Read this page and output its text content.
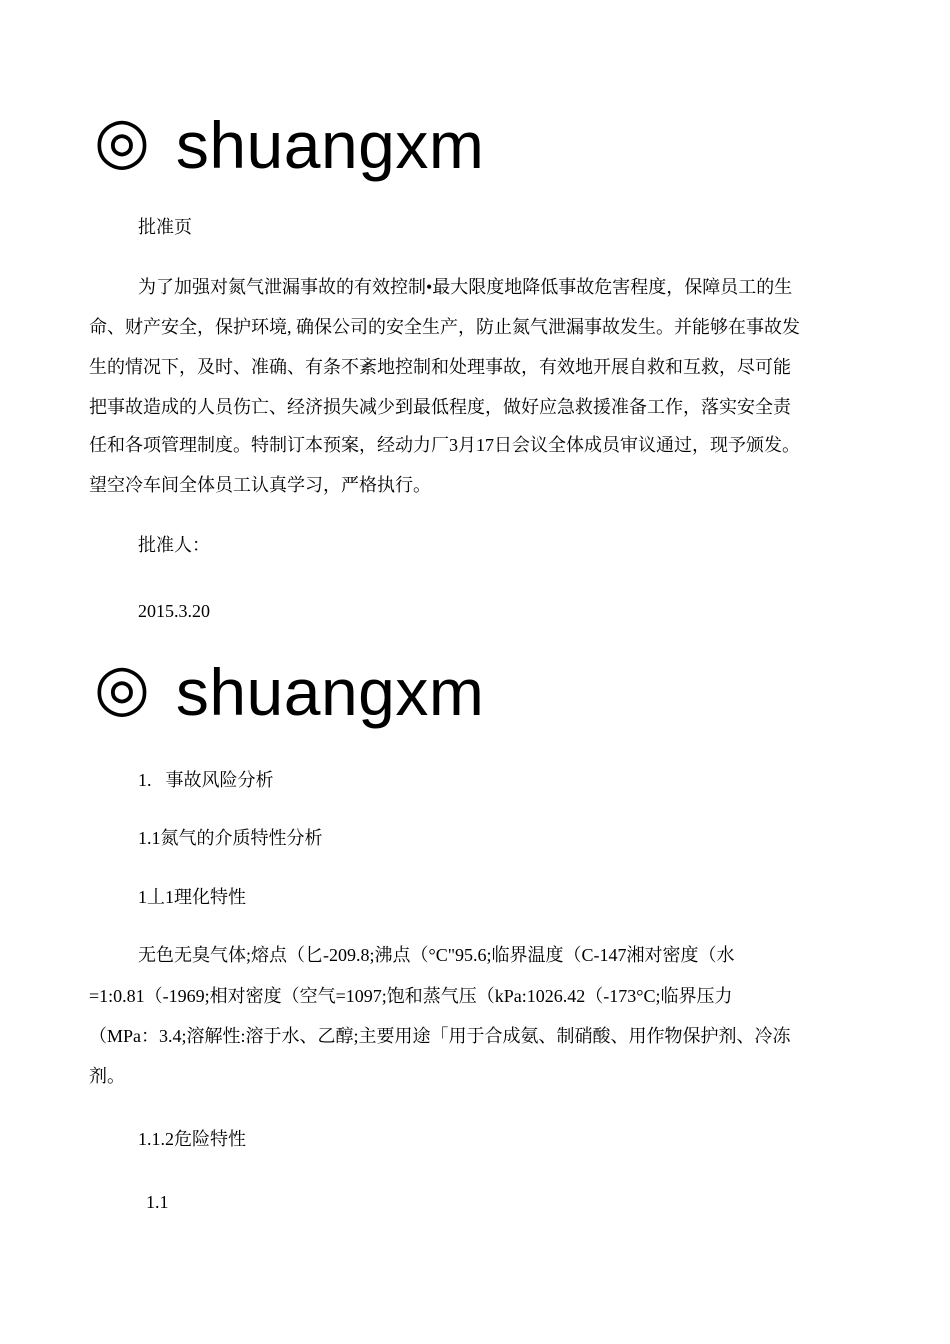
◎ shuangxm
批准页
为了加强对氮气泄漏事故的有效控制•最大限度地降低事故危害程度，保障员工的生
命、财产安全，保护环境, 确保公司的安全生产，防止氮气泄漏事故发生。并能够在事故发
生的情况下，及时、准确、有条不紊地控制和处理事故，有效地开展自救和互救，尽可能
把事故造成的人员伤亡、经济损失减少到最低程度，做好应急救援准备工作，落实安全责
任和各项管理制度。特制订本预案，经动力厂3月17日会议全体成员审议通过，现予颁发。
望空冷车间全体员工认真学习，严格执行。
批准人：
2015.3.20
◎ shuangxm
1. 事故风险分析
1.1氮气的介质特性分析
1丄1理化特性
无色无臭气体;熔点（匕-209.8;沸点（°C"95.6;临界温度（C-147湘对密度（水
=1:0.81（-1969;相对密度（空气=1097;饱和蒸气压（kPa:1026.42（-173°C;临界压力
（MPa：3.4;溶解性:溶于水、乙醇;主要用途「用于合成氨、制硝酸、用作物保护剂、冷冻
剂。
1.1.2危险特性
1.1
